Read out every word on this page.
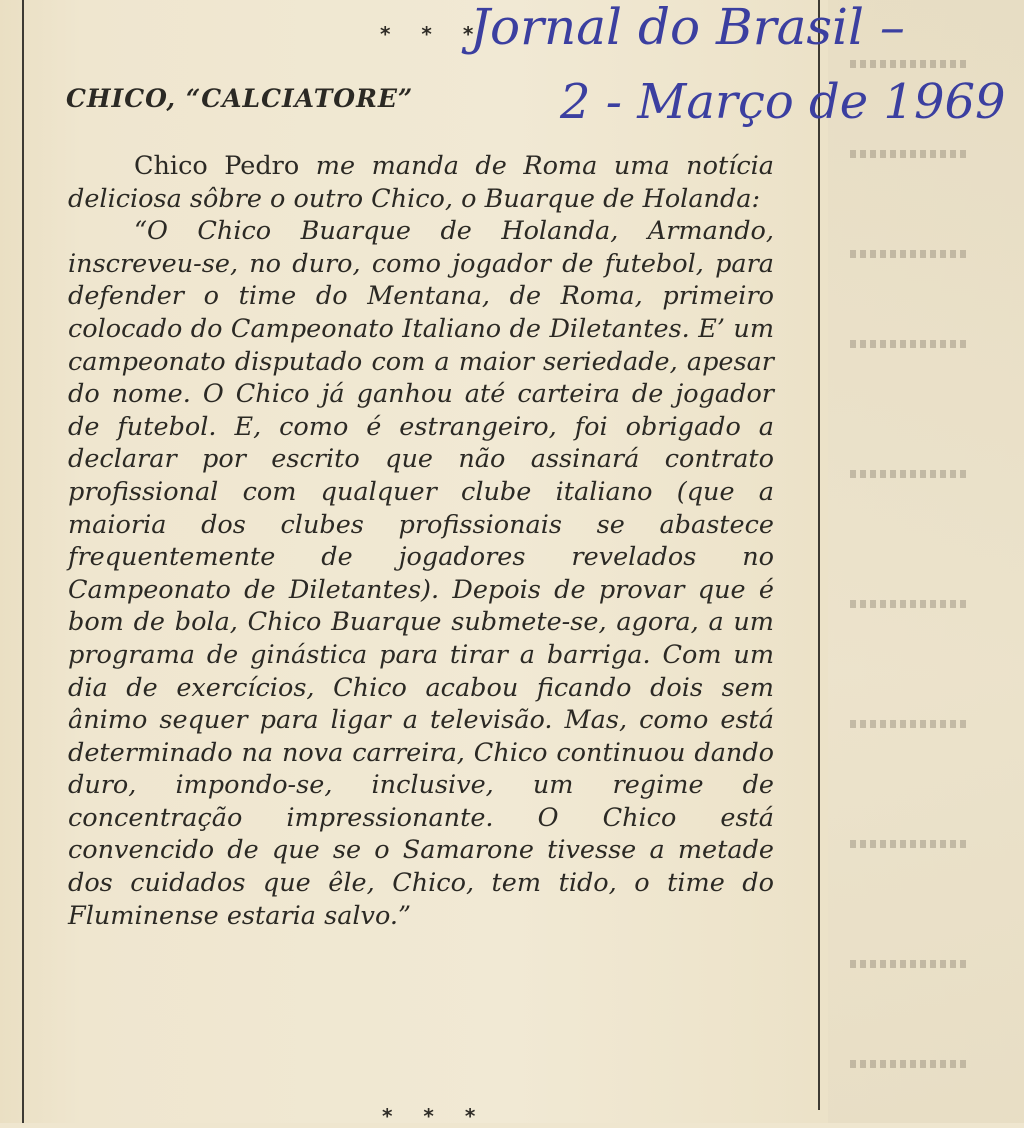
* * *
Jornal do Brasil –
2 - Março de 1969
CHICO, “CALCIATORE”

Chico Pedro me manda de Roma uma notícia deliciosa sôbre o outro Chico, o Buarque de Holanda:

“O Chico Buarque de Holanda, Armando, inscreveu-se, no duro, como jogador de futebol, para defender o time do Mentana, de Roma, primeiro colocado do Campeonato Italiano de Diletantes. E’ um campeonato disputado com a maior seriedade, apesar do nome. O Chico já ganhou até carteira de jogador de futebol. E, como é estrangeiro, foi obrigado a declarar por escrito que não assinará contrato profissional com qualquer clube italiano (que a maioria dos clubes profissionais se abastece frequentemente de jogadores revelados no Campeonato de Diletantes). Depois de provar que é bom de bola, Chico Buarque submete-se, agora, a um programa de ginástica para tirar a barriga. Com um dia de exercícios, Chico acabou ficando dois sem ânimo sequer para ligar a televisão. Mas, como está determinado na nova carreira, Chico continuou dando duro, impondo-se, inclusive, um regime de concentração impressionante. O Chico está convencido de que se o Samarone tivesse a metade dos cuidados que êle, Chico, tem tido, o time do Fluminense estaria salvo.”

* * *
